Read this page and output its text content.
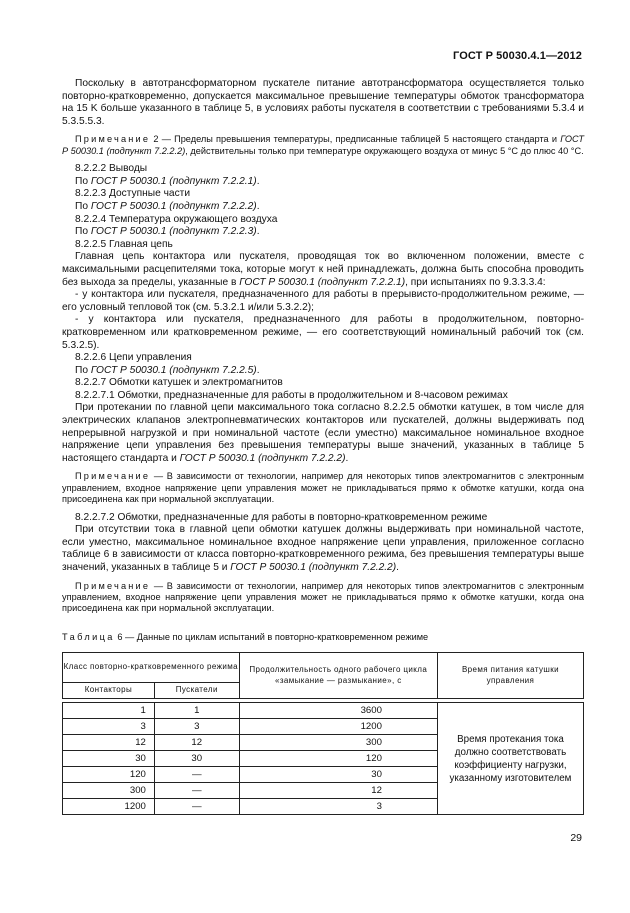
ГОСТ Р 50030.4.1—2012

Поскольку в автотрансформаторном пускателе питание автотрансформатора осуществляется только повторно-кратковременно, допускается максимальное превышение температуры обмоток трансформатора на 15 K больше указанного в таблице 5, в условиях работы пускателя в соответствии с требованиями 5.3.4 и 5.3.5.5.3.

Примечание 2 — Пределы превышения температуры, предписанные таблицей 5 настоящего стандарта и ГОСТ Р 50030.1 (подпункт 7.2.2.2), действительны только при температуре окружающего воздуха от минус 5 °С до плюс 40 °С.

8.2.2.2 Выводы

По ГОСТ Р 50030.1 (подпункт 7.2.2.1).

8.2.2.3 Доступные части

По ГОСТ Р 50030.1 (подпункт 7.2.2.2).

8.2.2.4 Температура окружающего воздуха

По ГОСТ Р 50030.1 (подпункт 7.2.2.3).

8.2.2.5 Главная цепь

Главная цепь контактора или пускателя, проводящая ток во включенном положении, вместе с максимальными расцепителями тока, которые могут к ней принадлежать, должна быть способна проводить без выхода за пределы, указанные в ГОСТ Р 50030.1 (подпункт 7.2.2.1), при испытаниях по 9.3.3.3.4:

- у контактора или пускателя, предназначенного для работы в прерывисто-продолжительном режиме, — его условный тепловой ток (см. 5.3.2.1 и/или 5.3.2.2);

- у контактора или пускателя, предназначенного для работы в продолжительном, повторно-кратковременном или кратковременном режиме, — его соответствующий номинальный рабочий ток (см. 5.3.2.5).

8.2.2.6 Цепи управления

По ГОСТ Р 50030.1 (подпункт 7.2.2.5).

8.2.2.7 Обмотки катушек и электромагнитов

8.2.2.7.1 Обмотки, предназначенные для работы в продолжительном и 8-часовом режимах

При протекании по главной цепи максимального тока согласно 8.2.2.5 обмотки катушек, в том числе для электрических клапанов электропневматических контакторов или пускателей, должны выдерживать под непрерывной нагрузкой и при номинальной частоте (если уместно) максимальное номинальное входное напряжение цепи управления без превышения температуры выше значений, указанных в таблице 5 настоящего стандарта и ГОСТ Р 50030.1 (подпункт 7.2.2.2).

Примечание — В зависимости от технологии, например для некоторых типов электромагнитов с электронным управлением, входное напряжение цепи управления может не прикладываться прямо к обмотке катушки, когда она присоединена как при нормальной эксплуатации.

8.2.2.7.2 Обмотки, предназначенные для работы в повторно-кратковременном режиме

При отсутствии тока в главной цепи обмотки катушек должны выдерживать при номинальной частоте, если уместно, максимальное номинальное входное напряжение цепи управления, приложенное согласно таблице 6 в зависимости от класса повторно-кратковременного режима, без превышения температуры выше значений, указанных в таблице 5 и ГОСТ Р 50030.1 (подпункт 7.2.2.2).

Примечание — В зависимости от технологии, например для некоторых типов электромагнитов с электронным управлением, входное напряжение цепи управления может не прикладываться прямо к обмотке катушки, когда она присоединена как при нормальной эксплуатации.

Таблица 6 — Данные по циклам испытаний в повторно-кратковременном режиме
Класс повторно-кратковременного режима		Продолжительность одного рабочего цикла «замыкание — размыкание», с	Время питания катушки управления
Контакторы	Пускатели		

1	1	3600	Время протекания тока должно соответствовать коэффициенту нагрузки, указанному изготовителем
3	3	1200	
12	12	300	
30	30	120	
120	—	30	
300	—	12	
1200	—	3	
29
